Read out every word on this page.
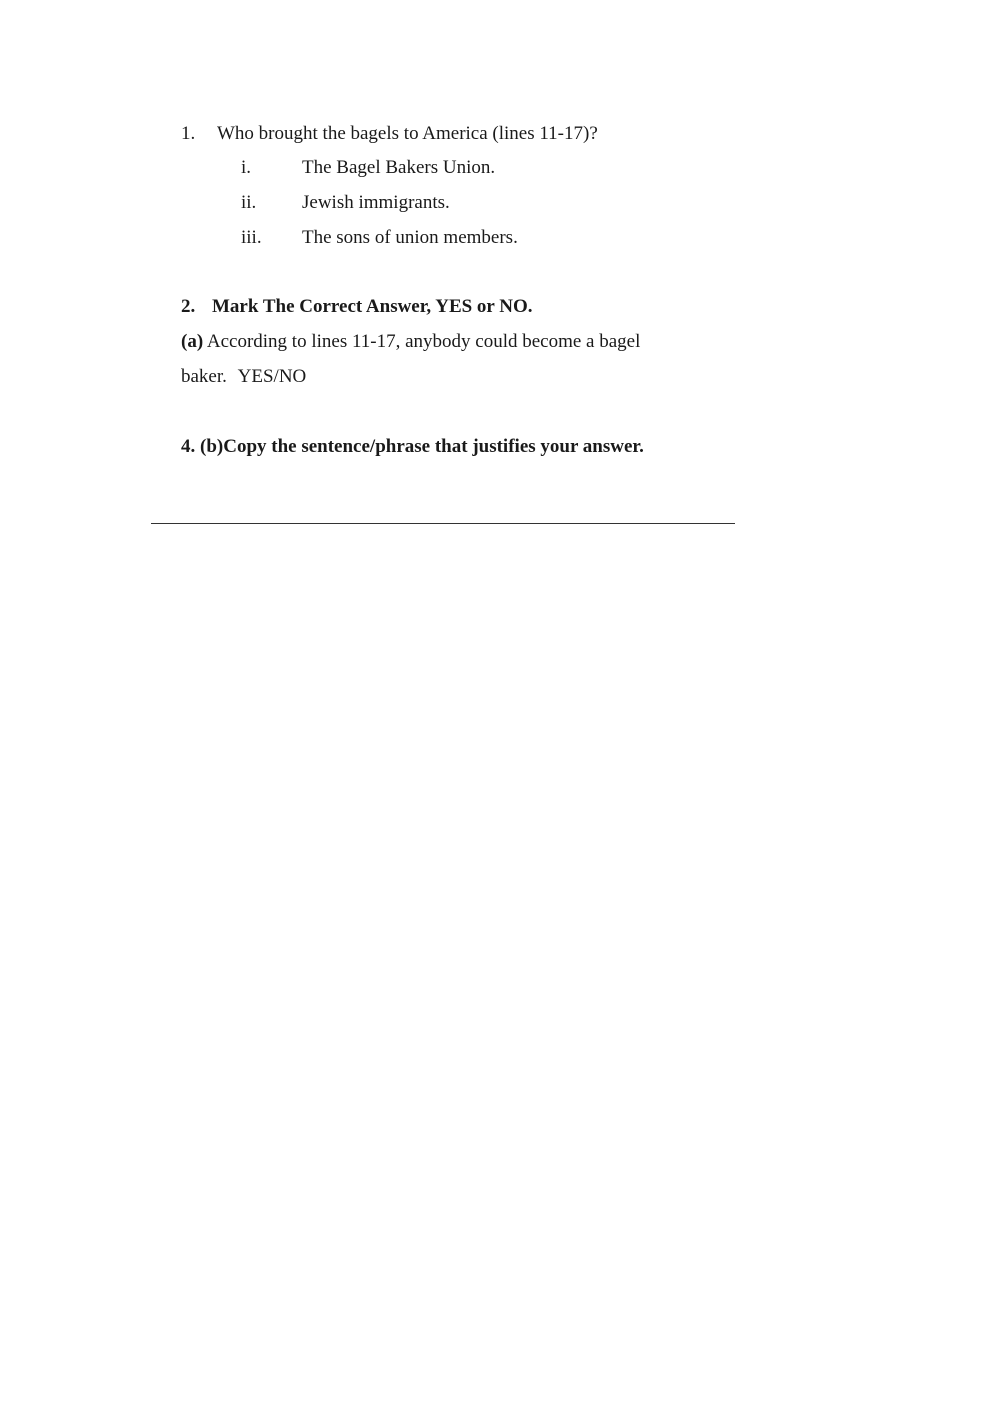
1. Who brought the bagels to America (lines 11-17)?
i.	The Bagel Bakers Union.
ii. Jewish immigrants.
iii. The sons of union members.
2. Mark The Correct Answer, YES or NO.
(a) According to lines 11-17, anybody could become a bagel
baker. YES/NO
4. (b)Copy the sentence/phrase that justifies your answer.
